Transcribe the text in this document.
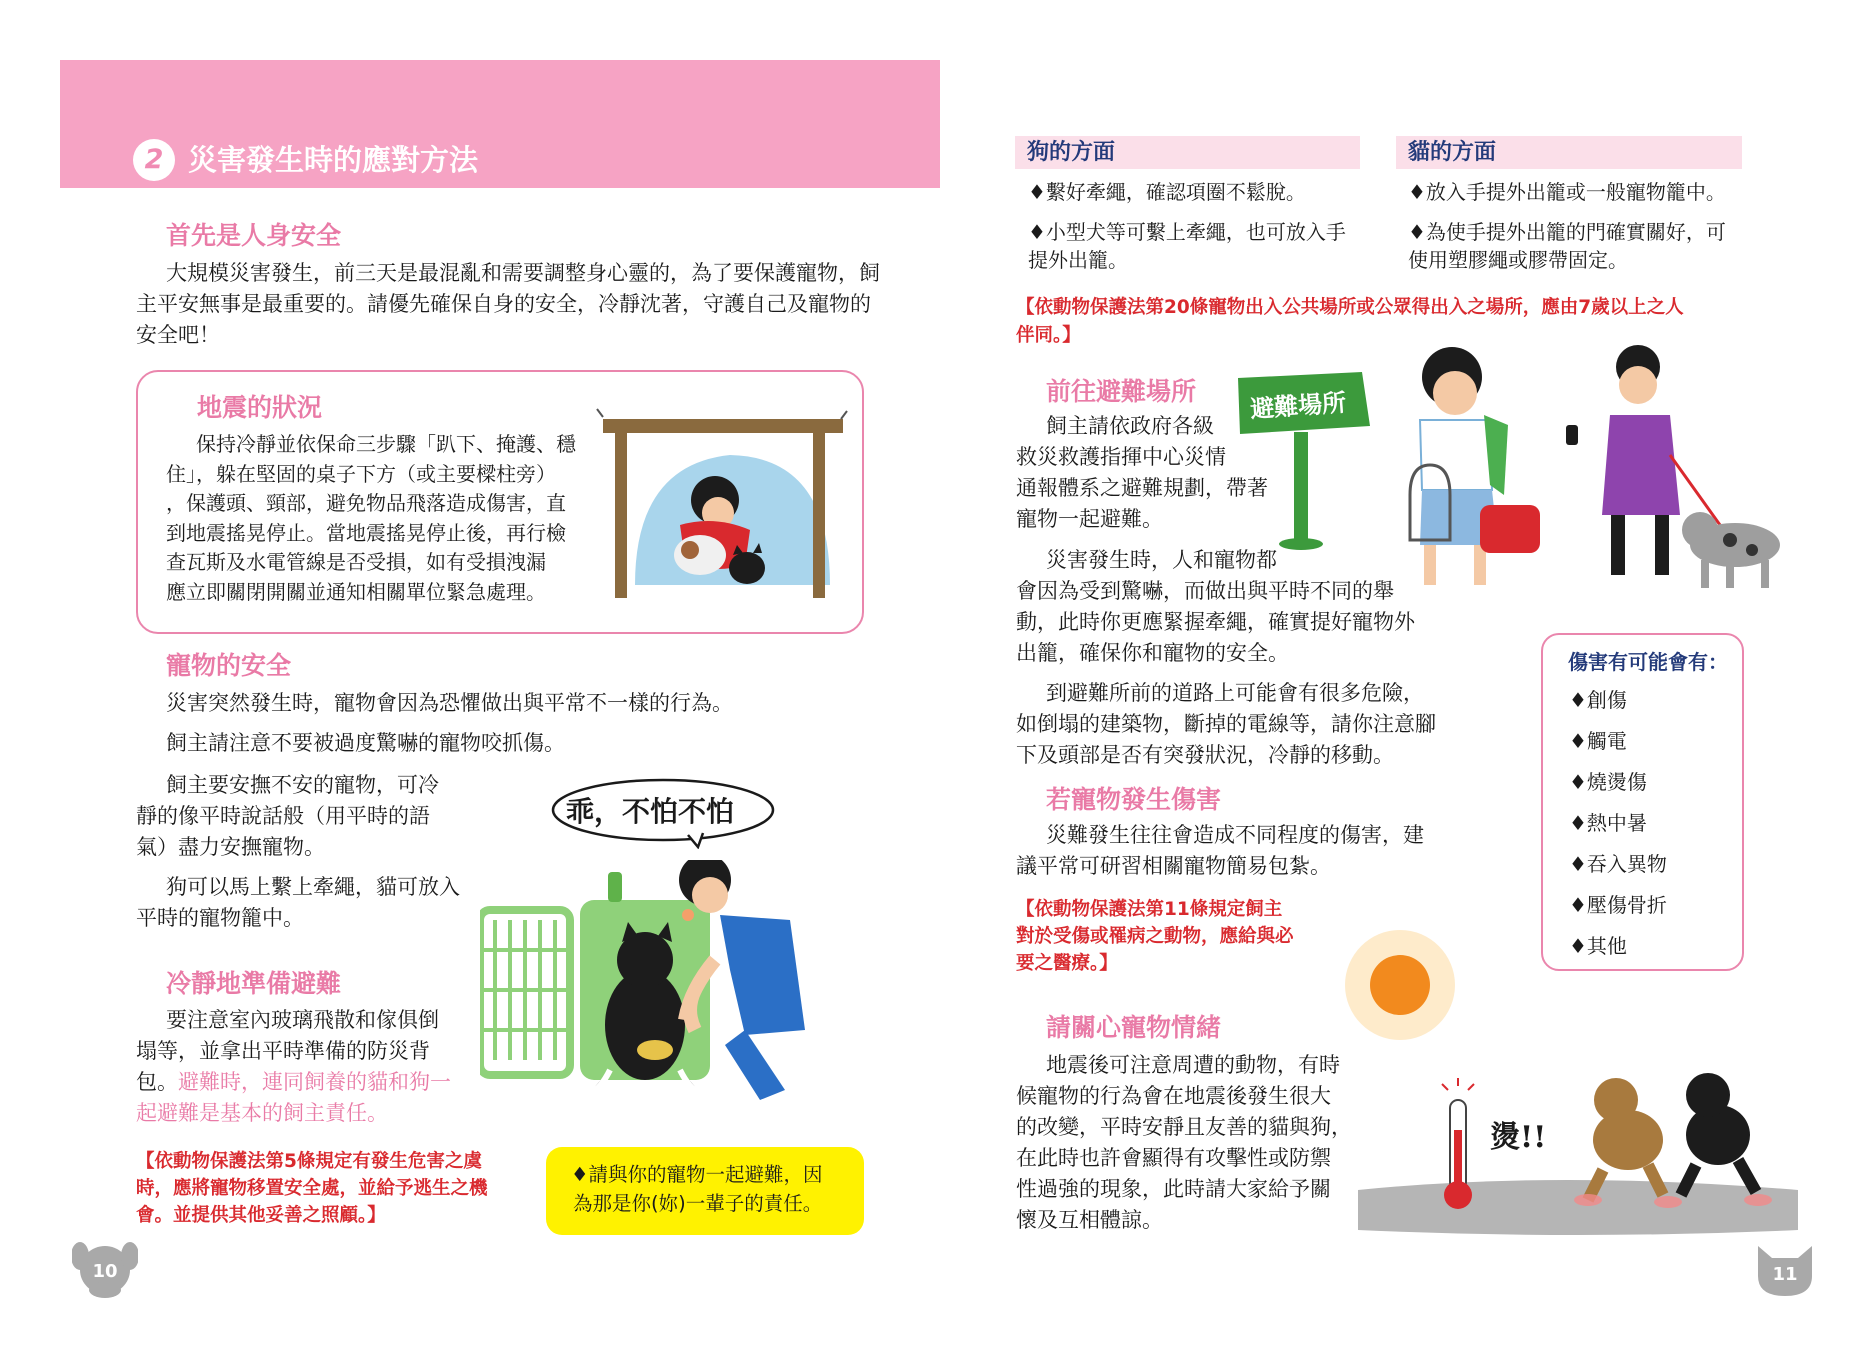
2 災害發生時的應對方法
首先是人身安全
大規模災害發生，前三天是最混亂和需要調整身心靈的，為了要保護寵物，飼
主平安無事是最重要的。請優先確保自身的安全，冷靜沈著，守護自己及寵物的
安全吧！
地震的狀況
保持冷靜並依保命三步驟「趴下、掩護、穩
住」，躲在堅固的桌子下方（或主要樑柱旁）
，保護頭、頸部，避免物品飛落造成傷害，直
到地震搖晃停止。當地震搖晃停止後，再行檢
查瓦斯及水電管線是否受損，如有受損洩漏
應立即關閉開關並通知相關單位緊急處理。
寵物的安全
災害突然發生時，寵物會因為恐懼做出與平常不一樣的行為。
飼主請注意不要被過度驚嚇的寵物咬抓傷。
飼主要安撫不安的寵物，可冷
靜的像平時說話般（用平時的語
氣）盡力安撫寵物。
狗可以馬上繫上牽繩，貓可放入
平時的寵物籠中。
乖，不怕不怕
冷靜地準備避難
要注意室內玻璃飛散和傢俱倒
塌等，並拿出平時準備的防災背
包。避難時，連同飼養的貓和狗一
起避難是基本的飼主責任。
【依動物保護法第5條規定有發生危害之虞
時，應將寵物移置安全處，並給予逃生之機
會。並提供其他妥善之照顧。】
♦請與你的寵物一起避難，因
為那是你(妳)一輩子的責任。
10
狗的方面	貓的方面
♦繫好牽繩，確認項圈不鬆脫。
♦小型犬等可繫上牽繩，也可放入手
提外出籠。
♦放入手提外出籠或一般寵物籠中。
♦為使手提外出籠的門確實關好，可
使用塑膠繩或膠帶固定。
【依動物保護法第20條寵物出入公共場所或公眾得出入之場所，應由7歲以上之人
伴同。】
前往避難場所 避難場所
飼主請依政府各級
救災救護指揮中心災情
通報體系之避難規劃，帶著
寵物一起避難。
災害發生時，人和寵物都
會因為受到驚嚇，而做出與平時不同的舉
動，此時你更應緊握牽繩，確實提好寵物外
出籠，確保你和寵物的安全。
到避難所前的道路上可能會有很多危險，
如倒塌的建築物，斷掉的電線等，請你注意腳
下及頭部是否有突發狀況，冷靜的移動。
傷害有可能會有：
♦創傷
♦觸電
♦燒燙傷
♦熱中暑
♦吞入異物
♦壓傷骨折
♦其他
若寵物發生傷害
災難發生往往會造成不同程度的傷害，建
議平常可研習相關寵物簡易包紮。
【依動物保護法第11條規定飼主
對於受傷或罹病之動物，應給與必
要之醫療。】
請關心寵物情緒
地震後可注意周遭的動物，有時
候寵物的行為會在地震後發生很大
的改變，平時安靜且友善的貓與狗，
在此時也許會顯得有攻擊性或防禦
性過強的現象，此時請大家給予關
懷及互相體諒。
燙!!
11
